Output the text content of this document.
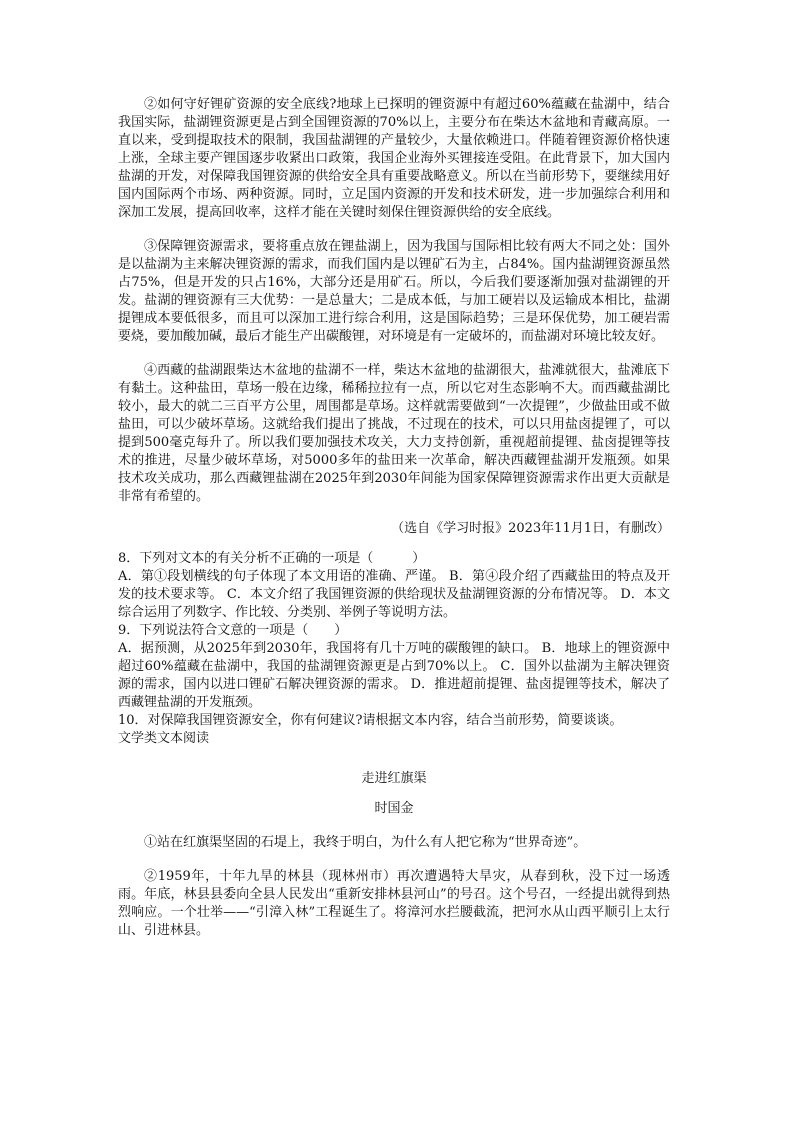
②如何守好锂矿资源的安全底线?地球上已探明的锂资源中有超过60%蕴藏在盐湖中，结合我国实际，盐湖锂资源更是占到全国锂资源的70%以上，主要分布在柴达木盆地和青藏高原。一直以来，受到提取技术的限制，我国盐湖锂的产量较少，大量依赖进口。伴随着锂资源价格快速上涨，全球主要产锂国逐步收紧出口政策，我国企业海外买锂接连受阻。在此背景下，加大国内盐湖的开发，对保障我国锂资源的供给安全具有重要战略意义。所以在当前形势下，要继续用好国内国际两个市场、两种资源。同时，立足国内资源的开发和技术研发，进一步加强综合利用和深加工发展，提高回收率，这样才能在关键时刻保住锂资源供给的安全底线。

③保障锂资源需求，要将重点放在锂盐湖上，因为我国与国际相比较有两大不同之处：国外是以盐湖为主来解决锂资源的需求，而我们国内是以锂矿石为主，占84%。国内盐湖锂资源虽然占75%，但是开发的只占16%，大部分还是用矿石。所以，今后我们要逐渐加强对盐湖锂的开发。盐湖的锂资源有三大优势：一是总量大；二是成本低，与加工硬岩以及运输成本相比，盐湖提锂成本要低很多，而且可以深加工进行综合利用，这是国际趋势；三是环保优势，加工硬岩需要烧，要加酸加碱，最后才能生产出碳酸锂，对环境是有一定破坏的，而盐湖对环境比较友好。

④西藏的盐湖跟柴达木盆地的盐湖不一样，柴达木盆地的盐湖很大，盐滩就很大，盐滩底下有黏土。这种盐田，草场一般在边缘，稀稀拉拉有一点，所以它对生态影响不大。而西藏盐湖比较小，最大的就二三百平方公里，周围都是草场。这样就需要做到“一次提锂”，少做盐田或不做盐田，可以少破坏草场。这就给我们提出了挑战，不过现在的技术，可以只用盐卤提锂了，可以提到500毫克每升了。所以我们要加强技术攻关，大力支持创新，重视超前提锂、盐卤提锂等技术的推进，尽量少破坏草场，对5000多年的盐田来一次革命，解决西藏锂盐湖开发瓶颈。如果技术攻关成功，那么西藏锂盐湖在2025年到2030年间能为国家保障锂资源需求作出更大贡献是非常有希望的。

（选自《学习时报》2023年11月1日，有删改）

8．下列对文本的有关分析不正确的一项是（　　　）

A．第①段划横线的句子体现了本文用语的准确、严谨。 B．第④段介绍了西藏盐田的特点及开发的技术要求等。 C．本文介绍了我国锂资源的供给现状及盐湖锂资源的分布情况等。 D．本文综合运用了列数字、作比较、分类别、举例子等说明方法。

9．下列说法符合文意的一项是（　　）

A．据预测，从2025年到2030年，我国将有几十万吨的碳酸锂的缺口。 B．地球上的锂资源中超过60%蕴藏在盐湖中，我国的盐湖锂资源更是占到70%以上。 C．国外以盐湖为主解决锂资源的需求，国内以进口锂矿石解决锂资源的需求。 D．推进超前提锂、盐卤提锂等技术，解决了西藏锂盐湖的开发瓶颈。

10．对保障我国锂资源安全，你有何建议?请根据文本内容，结合当前形势，简要谈谈。

文学类文本阅读

走进红旗渠

时国金

①站在红旗渠坚固的石堤上，我终于明白，为什么有人把它称为“世界奇迹”。

②1959年，十年九旱的林县（现林州市）再次遭遇特大旱灾，从春到秋，没下过一场透雨。年底，林县县委向全县人民发出“重新安排林县河山”的号召。这个号召，一经提出就得到热烈响应。一个壮举——“引漳入林”工程诞生了。将漳河水拦腰截流，把河水从山西平顺引上太行山、引进林县。
